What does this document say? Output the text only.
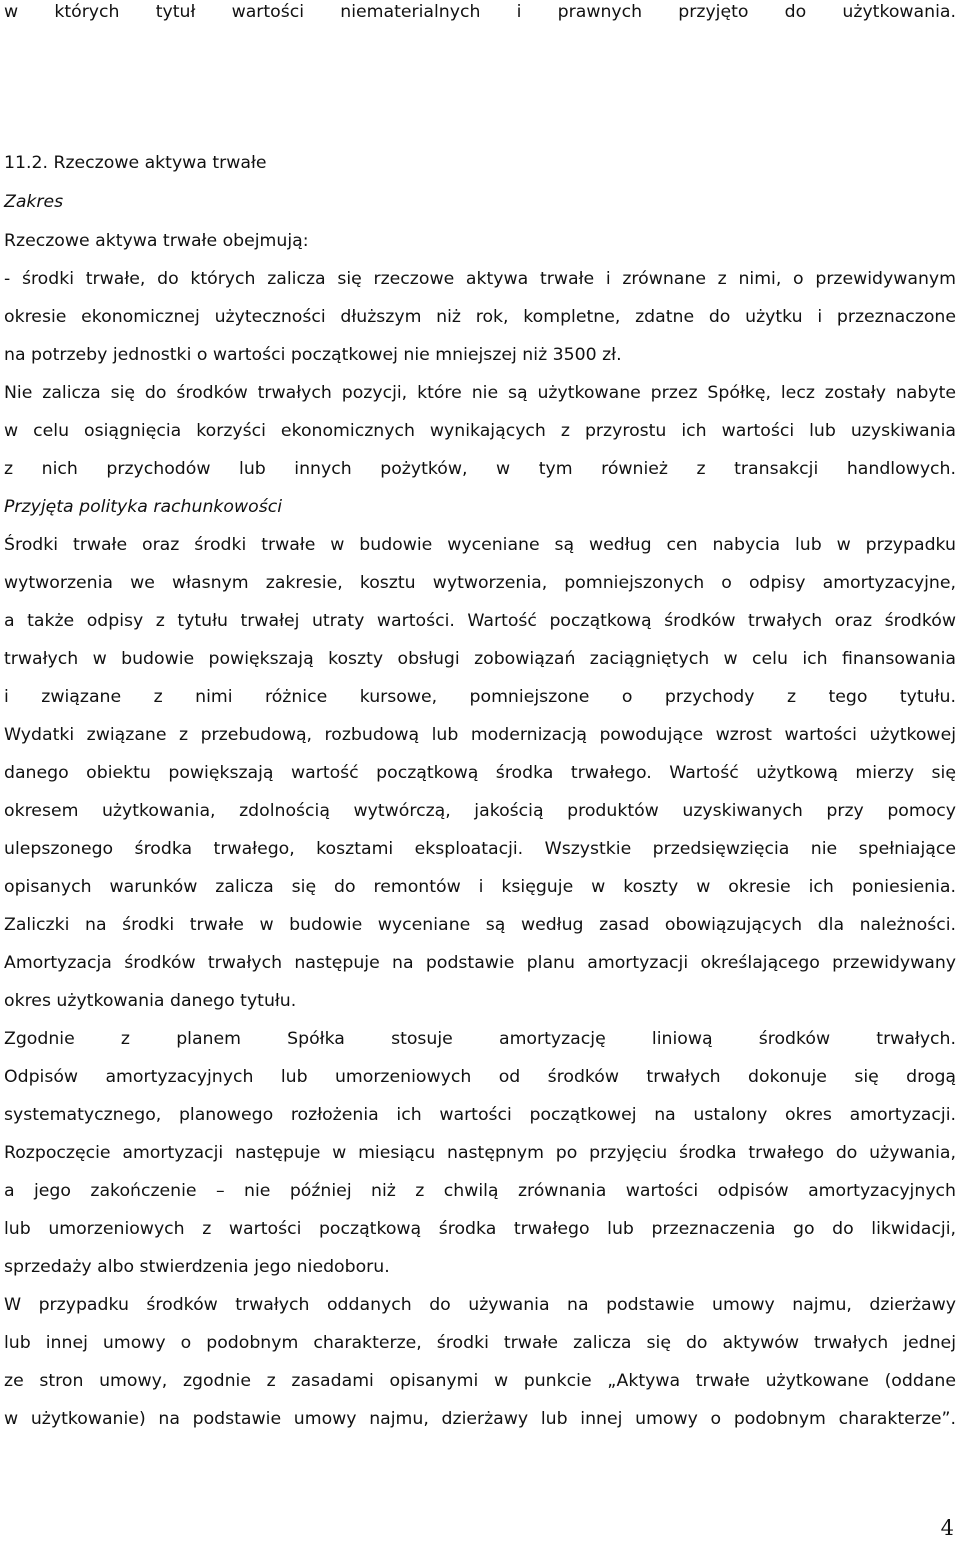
w których tytuł wartości niematerialnych i prawnych przyjęto do użytkowania.
11.2. Rzeczowe aktywa trwałe
Zakres
Rzeczowe aktywa trwałe obejmują:
- środki trwałe, do których zalicza się rzeczowe aktywa trwałe i zrównane z nimi, o przewidywanym
okresie ekonomicznej użyteczności dłuższym niż rok, kompletne, zdatne do użytku i przeznaczone
na potrzeby jednostki o wartości początkowej nie mniejszej niż 3500 zł.
Nie zalicza się do środków trwałych pozycji, które nie są użytkowane przez Spółkę, lecz zostały nabyte
w celu osiągnięcia korzyści ekonomicznych wynikających z przyrostu ich wartości lub uzyskiwania
z nich przychodów lub innych pożytków, w tym również z transakcji handlowych.
Przyjęta polityka rachunkowości
Środki trwałe oraz środki trwałe w budowie wyceniane są według cen nabycia lub w przypadku
wytworzenia we własnym zakresie, kosztu wytworzenia, pomniejszonych o odpisy amortyzacyjne,
a także odpisy z tytułu trwałej utraty wartości. Wartość początkową środków trwałych oraz środków
trwałych w budowie powiększają koszty obsługi zobowiązań zaciągniętych w celu ich finansowania
i związane z nimi różnice kursowe, pomniejszone o przychody z tego tytułu.
Wydatki związane z przebudową, rozbudową lub modernizacją powodujące wzrost wartości użytkowej
danego obiektu powiększają wartość początkową środka trwałego. Wartość użytkową mierzy się
okresem użytkowania, zdolnością wytwórczą, jakością produktów uzyskiwanych przy pomocy
ulepszonego środka trwałego, kosztami eksploatacji. Wszystkie przedsięwzięcia nie spełniające
opisanych warunków zalicza się do remontów i księguje w koszty w okresie ich poniesienia.
Zaliczki na środki trwałe w budowie wyceniane są według zasad obowiązujących dla należności.
Amortyzacja środków trwałych następuje na podstawie planu amortyzacji określającego przewidywany
okres użytkowania danego tytułu.
Zgodnie z planem Spółka stosuje amortyzację liniową środków trwałych.
Odpisów amortyzacyjnych lub umorzeniowych od środków trwałych dokonuje się drogą
systematycznego, planowego rozłożenia ich wartości początkowej na ustalony okres amortyzacji.
Rozpoczęcie amortyzacji następuje w miesiącu następnym po przyjęciu środka trwałego do używania,
a jego zakończenie – nie później niż z chwilą zrównania wartości odpisów amortyzacyjnych
lub umorzeniowych z wartości początkową środka trwałego lub przeznaczenia go do likwidacji,
sprzedaży albo stwierdzenia jego niedoboru.
W przypadku środków trwałych oddanych do używania na podstawie umowy najmu, dzierżawy
lub innej umowy o podobnym charakterze, środki trwałe zalicza się do aktywów trwałych jednej
ze stron umowy, zgodnie z zasadami opisanymi w punkcie „Aktywa trwałe użytkowane (oddane
w użytkowanie) na podstawie umowy najmu, dzierżawy lub innej umowy o podobnym charakterze”.
4
